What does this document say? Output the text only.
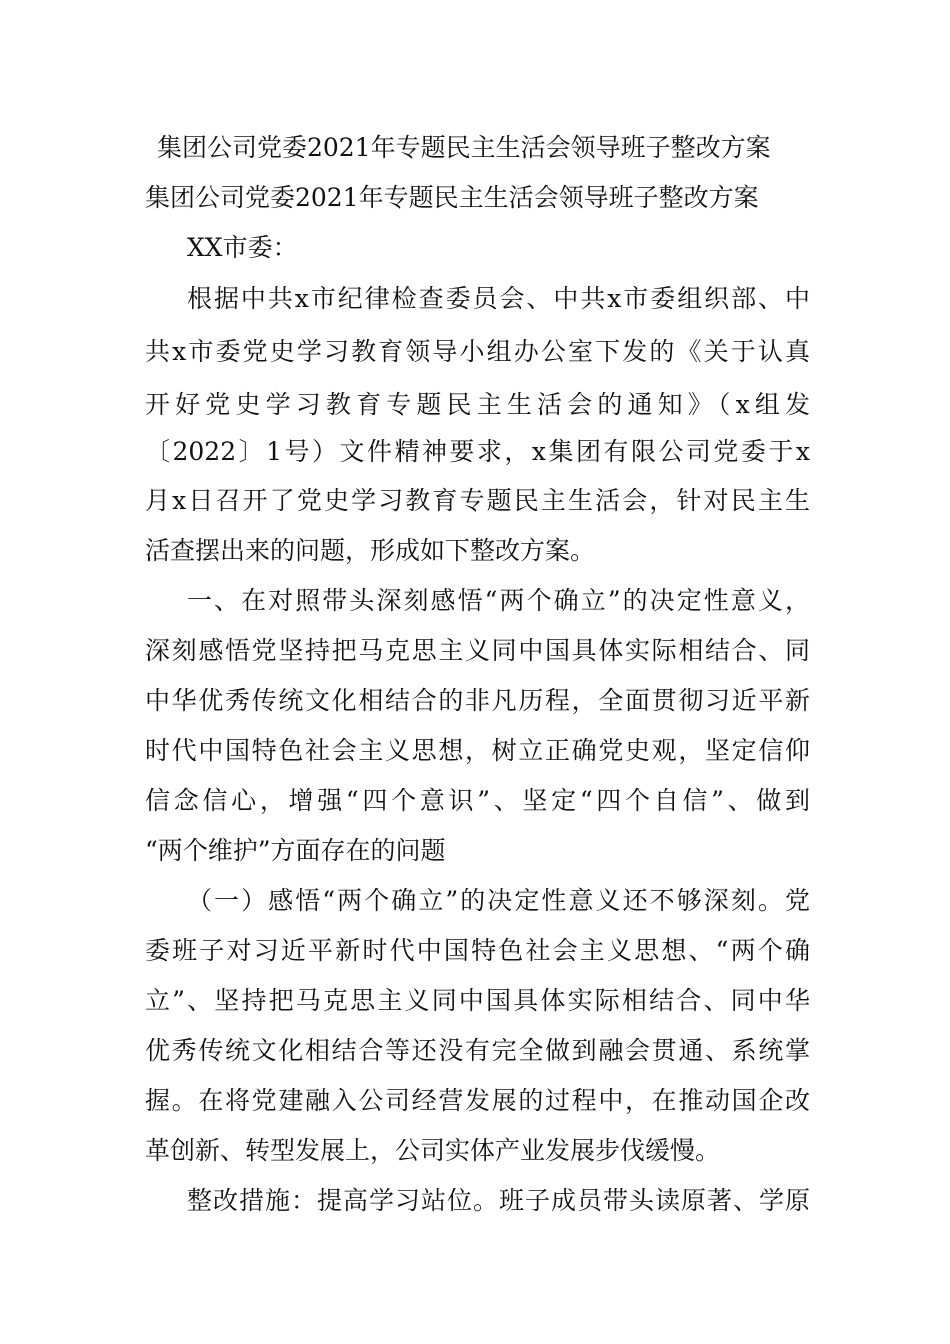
集团公司党委2021年专题民主生活会领导班子整改方案
集团公司党委2021年专题民主生活会领导班子整改方案
XX市委：
根据中共x市纪律检查委员会、中共x市委组织部、中
共x市委党史学习教育领导小组办公室下发的《关于认真
开好党史学习教育专题民主生活会的通知》（x组发
〔2022〕1号）文件精神要求，x集团有限公司党委于x
月x日召开了党史学习教育专题民主生活会，针对民主生
活查摆出来的问题，形成如下整改方案。
一、在对照带头深刻感悟“两个确立”的决定性意义，
深刻感悟党坚持把马克思主义同中国具体实际相结合、同
中华优秀传统文化相结合的非凡历程，全面贯彻习近平新
时代中国特色社会主义思想，树立正确党史观，坚定信仰
信念信心，增强“四个意识”、坚定“四个自信”、做到
“两个维护”方面存在的问题
（一）感悟“两个确立”的决定性意义还不够深刻。党
委班子对习近平新时代中国特色社会主义思想、“两个确
立”、坚持把马克思主义同中国具体实际相结合、同中华
优秀传统文化相结合等还没有完全做到融会贯通、系统掌
握。在将党建融入公司经营发展的过程中，在推动国企改
革创新、转型发展上，公司实体产业发展步伐缓慢。
整改措施：提高学习站位。班子成员带头读原著、学原
